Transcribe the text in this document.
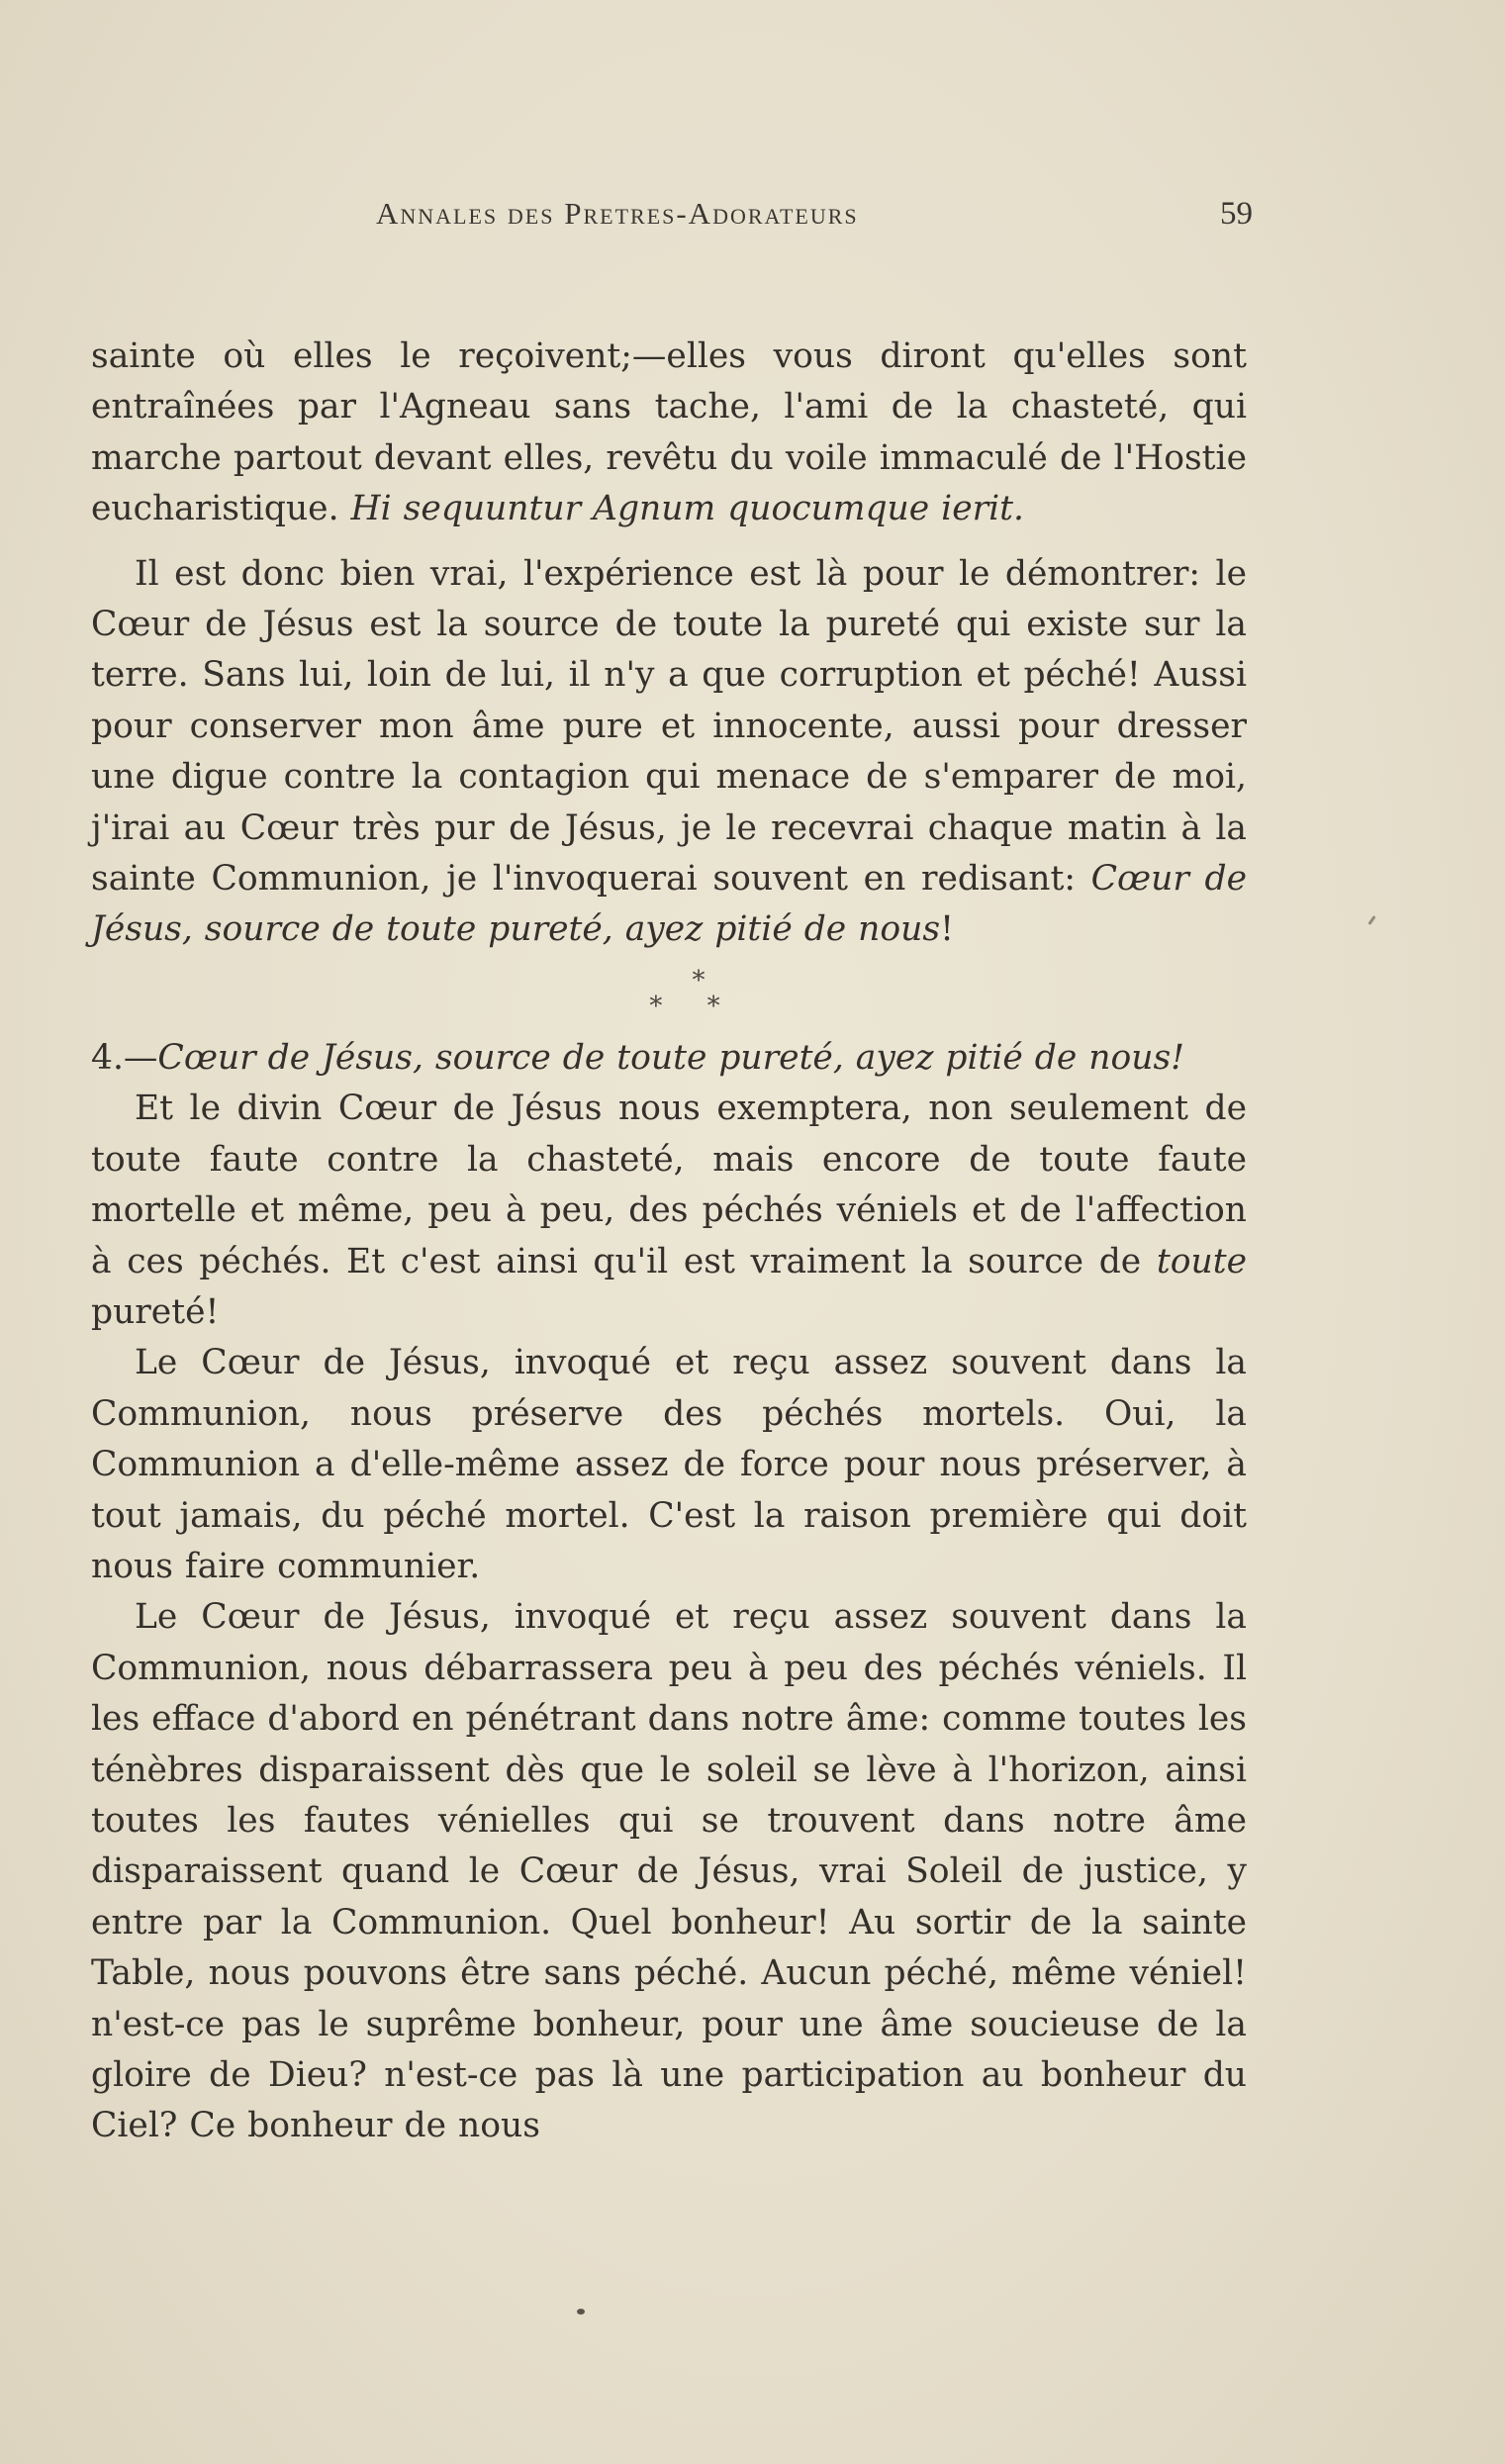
Annales des Pretres-Adorateurs	59

sainte où elles le reçoivent;—elles vous diront qu'elles sont entraînées par l'Agneau sans tache, l'ami de la chasteté, qui marche partout devant elles, revêtu du voile immaculé de l'Hostie eucharistique. Hi sequuntur Agnum quocumque ierit.

Il est donc bien vrai, l'expérience est là pour le démontrer: le Cœur de Jésus est la source de toute la pureté qui existe sur la terre. Sans lui, loin de lui, il n'y a que corruption et péché! Aussi pour conserver mon âme pure et innocente, aussi pour dresser une digue contre la contagion qui menace de s'emparer de moi, j'irai au Cœur très pur de Jésus, je le recevrai chaque matin à la sainte Communion, je l'invoquerai souvent en redisant: Cœur de Jésus, source de toute pureté, ayez pitié de nous!

*
* *

4.—Cœur de Jésus, source de toute pureté, ayez pitié de nous!

Et le divin Cœur de Jésus nous exemptera, non seulement de toute faute contre la chasteté, mais encore de toute faute mortelle et même, peu à peu, des péchés véniels et de l'affection à ces péchés. Et c'est ainsi qu'il est vraiment la source de toute pureté!

Le Cœur de Jésus, invoqué et reçu assez souvent dans la Communion, nous préserve des péchés mortels. Oui, la Communion a d'elle-même assez de force pour nous préserver, à tout jamais, du péché mortel. C'est la raison première qui doit nous faire communier.

Le Cœur de Jésus, invoqué et reçu assez souvent dans la Communion, nous débarrassera peu à peu des péchés véniels. Il les efface d'abord en pénétrant dans notre âme: comme toutes les ténèbres disparaissent dès que le soleil se lève à l'horizon, ainsi toutes les fautes vénielles qui se trouvent dans notre âme disparaissent quand le Cœur de Jésus, vrai Soleil de justice, y entre par la Communion. Quel bonheur! Au sortir de la sainte Table, nous pouvons être sans péché. Aucun péché, même véniel! n'est-ce pas le suprême bonheur, pour une âme soucieuse de la gloire de Dieu? n'est-ce pas là une participation au bonheur du Ciel? Ce bonheur de nous
